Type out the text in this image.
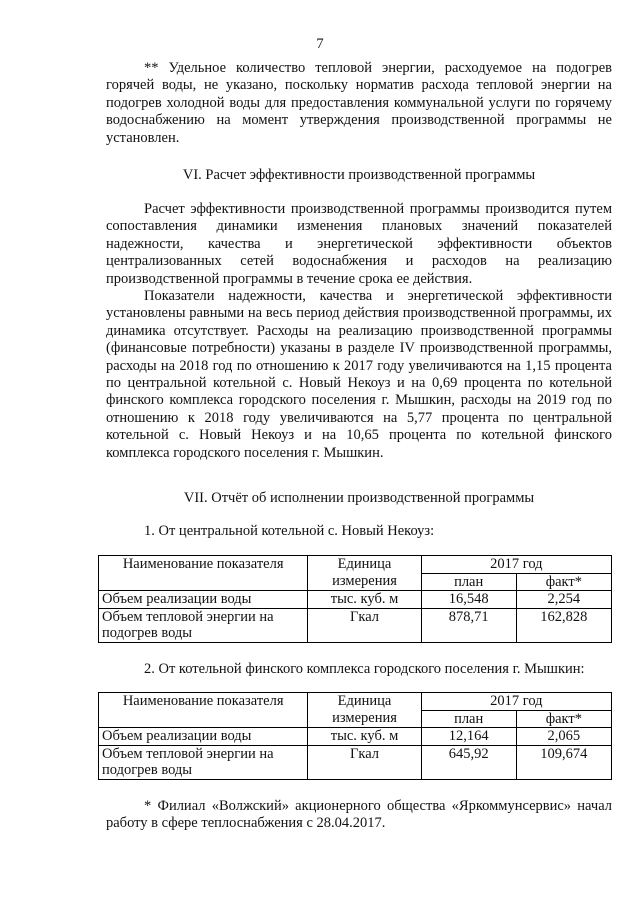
7

** Удельное количество тепловой энергии, расходуемое на подогрев горячей воды, не указано, поскольку норматив расхода тепловой энергии на подогрев холодной воды для предоставления коммунальной услуги по горячему водоснабжению на момент утверждения производственной программы не установлен.

VI. Расчет эффективности производственной программы

Расчет эффективности производственной программы производится путем сопоставления динамики изменения плановых значений показателей надежности, качества и энергетической эффективности объектов централизованных сетей водоснабжения и расходов на реализацию производственной программы в течение срока ее действия.

Показатели надежности, качества и энергетической эффективности установлены равными на весь период действия производственной программы, их динамика отсутствует. Расходы на реализацию производственной программы (финансовые потребности) указаны в разделе IV производственной программы, расходы на 2018 год по отношению к 2017 году увеличиваются на 1,15 процента по центральной котельной с. Новый Некоуз и на 0,69 процента по котельной финского комплекса городского поселения г. Мышкин, расходы на 2019 год по отношению к 2018 году увеличиваются на 5,77 процента по центральной котельной с. Новый Некоуз и на 10,65 процента по котельной финского комплекса городского поселения г. Мышкин.

VII. Отчёт об исполнении производственной программы
1. От центральной котельной с. Новый Некоуз:
Наименование показателя	Единица измерения	2017 год	
		план	факт*
Объем реализации воды	тыс. куб. м	16,548	2,254
Объем тепловой энергии на подогрев воды	Гкал	878,71	162,828
2. От котельной финского комплекса городского поселения г. Мышкин:
Наименование показателя	Единица измерения	2017 год	
		план	факт*
Объем реализации воды	тыс. куб. м	12,164	2,065
Объем тепловой энергии на подогрев воды	Гкал	645,92	109,674

* Филиал «Волжский» акционерного общества «Яркоммунсервис» начал работу в сфере теплоснабжения с 28.04.2017.
